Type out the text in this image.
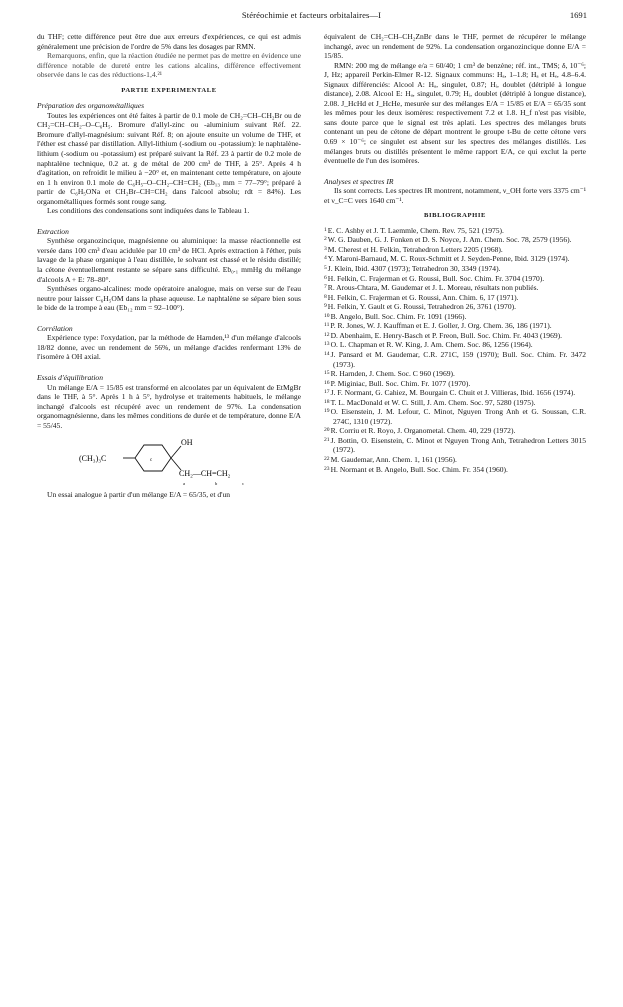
Stéréochimie et facteurs orbitalaires—I	1691

du THF; cette différence peut être due aux erreurs d'expériences, ce qui est admis généralement une précision de l'ordre de 5% dans les dosages par RMN.

Remarquons, enfin, que la réaction étudiée ne permet pas de mettre en évidence une différence notable de dureté entre les cations alcalins, différence effectivement observée dans le cas des réductions-1,4.²¹

PARTIE EXPERIMENTALE

Préparation des organométalliques

Toutes les expériences ont été faites à partir de 0.1 mole de CH₂=CH–CH₂Br ou de CH₂=CH–CH₂–O–C₆H₅. Bromure d'allyl-zinc ou -aluminium suivant Réf. 22. Bromure d'allyl-magnésium: suivant Réf. 8; on ajoute ensuite un volume de THF, et l'éther est chassé par distillation. Allyl-lithium (-sodium ou -potassium): le naphtalène-lithium (-sodium ou -potassium) est préparé suivant la Réf. 23 à partir de 0.2 mole de naphtalène technique, 0.2 at. g de métal de 200 cm³ de THF, à 25°. Après 4 h d'agitation, on refroidit le milieu à −20° et, en maintenant cette température, on ajoute en 1 h environ 0.1 mole de C₆H₅–O–CH₂–CH=CH₂ (Eb₁₃ mm = 77–79°; préparé à partir de C₆H₅ONa et CH₂Br–CH=CH₂ dans l'alcool absolu; rdt = 84%). Les organométalliques formés sont rouge sang.

Les conditions des condensations sont indiquées dans le Tableau 1.

Extraction

Synthèse organozincique, magnésienne ou aluminique: la masse réactionnelle est versée dans 100 cm³ d'eau acidulée par 10 cm³ de HCl. Après extraction à l'éther, puis lavage de la phase organique à l'eau distillée, le solvant est chassé et le résidu distillé; la cétone éventuellement restante se sépare sans difficulté. Eb₀.₁ mmHg du mélange d'alcools A + E: 78–80°.

Synthèses organo-alcalines: mode opératoire analogue, mais on verse sur de l'eau neutre pour laisser C₆H₅OM dans la phase aqueuse. Le naphtalène se sépare bien sous le bide de la trompe à eau (Eb₁₂ mm = 92–100°).

Corrélation

Expérience type: l'oxydation, par la méthode de Harnden,¹³ d'un mélange d'alcools 18/82 donne, avec un rendement de 56%, un mélange d'acides renfermant 13% de l'isomère à OH axial.

Essais d'équilibration

Un mélange E/A = 15/85 est transformé en alcoolates par un équivalent de EtMgBr dans le THF, à 5°. Après 1 h à 5°, hydrolyse et traitements habituels, le mélange inchangé d'alcools est récupéré avec un rendement de 97%. La condensation organomagnésienne, dans les mêmes conditions de durée et de température, donne E/A = 55/45.

(CH₃)₃C	c
OH
CH₂—CH=CH₂
a	b	c

Un essai analogue à partir d'un mélange E/A = 65/35, et d'un

équivalent de CH₂=CH–CH₂ZnBr dans le THF, permet de récupérer le mélange inchangé, avec un rendement de 92%. La condensation organozincique donne E/A = 15/85.

RMN: 200 mg de mélange e/a = 60/40; 1 cm³ de benzène; réf. int., TMS; δ, 10⁻⁶; J, Hz; appareil Perkin-Elmer R-12. Signaux communs: Hₐ, 1–1.8; Hₐ et Hₑ, 4.8–6.4. Signaux différenciés: Alcool A: Hₐ, singulet, 0.87; Hᵢ, doublet (détriplé à longue distance), 2.08. Alcool E: Hₐ, singulet, 0.79; Hᵢ, doublet (détriplé à longue distance), 2.08. J_HcHd et J_HcHe, mesurée sur des mélanges E/A = 15/85 et E/A = 65/35 sont les mêmes pour les deux isomères: respectivement 7.2 et 1.8. H_f n'est pas visible, sans doute parce que le signal est très aplati. Les spectres des mélanges bruts contenant un peu de cétone de départ montrent le groupe t-Bu de cette cétone vers 0.69 × 10⁻⁶; ce singulet est absent sur les spectres des mélanges distillés. Les mélanges bruts ou distillés présentent le même rapport E/A, ce qui exclut la perte éventuelle de l'un des isomères.

Analyses et spectres IR

Ils sont corrects. Les spectres IR montrent, notamment, ν_OH forte vers 3375 cm⁻¹ et ν_C=C vers 1640 cm⁻¹.

BIBLIOGRAPHIE
$^1$E. C. Ashby et J. T. Laemmle, Chem. Rev. 75, 521 (1975).
$^2$W. G. Dauben, G. J. Fonken et D. S. Noyce, J. Am. Chem. Soc. 78, 2579 (1956).
$^3$M. Cherest et H. Felkin, Tetrahedron Letters 2205 (1968).
$^4$Y. Maroni-Barnaud, M. C. Roux-Schmitt et J. Seyden-Penne, Ibid. 3129 (1974).
$^5$J. Klein, Ibid. 4307 (1973); Tetrahedron 30, 3349 (1974).
$^6$H. Felkin, C. Frajerman et G. Roussi, Bull. Soc. Chim. Fr. 3704 (1970).
$^7$R. Arous-Chtara, M. Gaudemar et J. L. Moreau, résultats non publiés.
$^8$H. Felkin, C. Frajerman et G. Roussi, Ann. Chim. 6, 17 (1971).
$^9$H. Felkin, Y. Gault et G. Roussi, Tetrahedron 26, 3761 (1970).
$^{10}$B. Angelo, Bull. Soc. Chim. Fr. 1091 (1966).
$^{11}$P. R. Jones, W. J. Kauffman et E. J. Goller, J. Org. Chem. 36, 186 (1971).
$^{12}$D. Abenhaim, E. Henry-Basch et P. Freon, Bull. Soc. Chim. Fr. 4043 (1969).
$^{13}$O. L. Chapman et R. W. King, J. Am. Chem. Soc. 86, 1256 (1964).
$^{14}$J. Pansard et M. Gaudemar, C.R. 271C, 159 (1970); Bull. Soc. Chim. Fr. 3472 (1973).
$^{15}$R. Harnden, J. Chem. Soc. C 960 (1969).
$^{16}$P. Miginiac, Bull. Soc. Chim. Fr. 1077 (1970).
$^{17}$J. F. Normant, G. Cahiez, M. Bourgain C. Chuit et J. Villieras, Ibid. 1656 (1974).
$^{18}$T. L. MacDonald et W. C. Still, J. Am. Chem. Soc. 97, 5280 (1975).
$^{19}$O. Eisenstein, J. M. Lefour, C. Minot, Nguyen Trong Anh et G. Soussan, C.R. 274C, 1310 (1972).
$^{20}$R. Corriu et R. Royo, J. Organometal. Chem. 40, 229 (1972).
$^{21}$J. Bottin, O. Eisenstein, C. Minot et Nguyen Trong Anh, Tetrahedron Letters 3015 (1972).
$^{22}$M. Gaudemar, Ann. Chem. 1, 161 (1956).
$^{23}$H. Normant et B. Angelo, Bull. Soc. Chim. Fr. 354 (1960).
